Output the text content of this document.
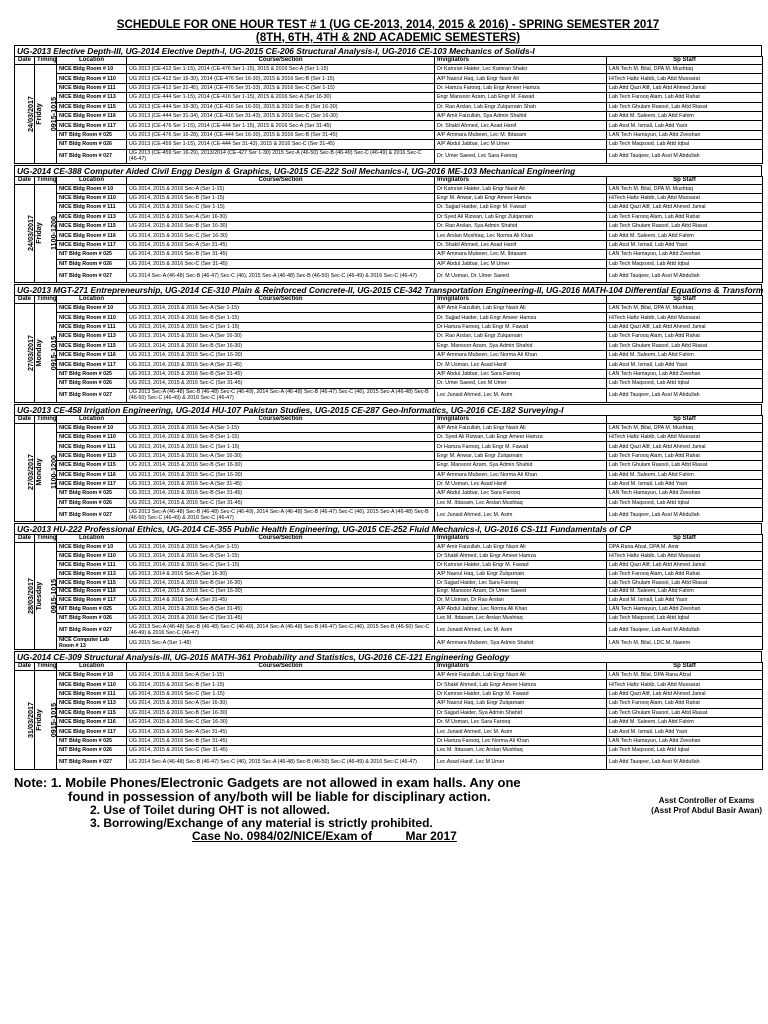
SCHEDULE FOR ONE HOUR TEST # 1 (UG CE-2013, 2014, 2015 & 2016) - SPRING SEMESTER 2017
(8TH, 6TH, 4TH & 2ND ACADEMIC SEMESTERS)
UG-2013 Elective Depth-III, UG-2014 Elective Depth-I, UG-2015 CE-206 Structural Analysis-I, UG-2016 CE-103 Mechanics of Solids-I
Date	Timing	Location	Course/Section	Invigilators	Sp Staff

24/03/2017 Friday	0915-1015	NICE Bldg Room # 10	UG 2013 (CE-412 Ser 1-15), 2014 (CE-476 Ser 1-15), 2015 & 2016 Sec-A (Ser 1-15)	Dr Kamran Haider, Lec Kamran Shakir	LAN Tech M. Bilal, DPA M. Mushtaq
		NICE Bldg Room # 110	UG 2013 (CE-412 Ser 16-30), 2014 (CE-476 Ser 16-30), 2015 & 2016 Sec-B (Ser 1-15)	A/P Nasrul Haq, Lab Engr Nasir Ali	H/Tech Hafiz Habib, Lab Attd Mussarat
		NICE Bldg Room # 111	UG 2013 (CE-412 Ser 31-45), 2014 (CE-476 Ser 31-33), 2015 & 2016 Sec-C (Ser 1-15)	Dr. Hamza Farooq, Lab Engr Ameer Hamza	Lab Attd Qazi Altf, Lab Attd Ahmed Jamal
		NICE Bldg Room # 113	UG 2013 (CE-444 Ser 1-15), 2014 (CE-416 Ser 1-15), 2015 & 2016 Sec-A (Ser 16-30)	Engr Mansoor Azam, Lab Engr M. Fawad	Lab Tech Farooq Alam, Lab Attd Rahat
		NICE Bldg Room # 115	UG 2013 (CE-444 Ser 16-30), 2014 (CE-416 Ser 16-30), 2015 & 2016 Sec-B (Ser 16-30)	Dr. Rao Arslan, Lab Engr Zulqarnain Shah	Lab Tech Ghulam Rasool, Lab Attd Riasat
		NICE Bldg Room # 116	UG 2013 (CE-444 Ser 31-34), 2014 (CE-416 Ser 31-43), 2015 & 2016 Sec-C (Ser 16-30)	A/P Amir Faizullah, Sya Admin Shahid	Lab Attd M. Saleem, Lab Attd Fahim
		NICE Bldg Room # 117	UG 2013 (CE-476 Ser 1-15), 2014 (CE-444 Ser 1-15), 2015 & 2016 Sec-A (Ser 31-45)	Dr. Shakil Ahmed, Lec Asad Hanif	Lab Asst M. Ismail, Lab Attd Yasir
		NIT Bldg Room # 025	UG 2013 (CE-476 Ser 16-28), 2014 (CE-444 Ser 16-30), 2015 & 2016 Sec-B (Ser 31-45)	A/P Ammara Mubeen, Lec M. Ibtasam	LAN Tech Hamayun, Lab Attd Zeeshan
		NIT Bldg Room # 026	UG 2013 (CE-459 Ser 1-15), 2014 (CE-444 Ser 31-43), 2015 & 2016 Sec-C (Ser 31-45)	A/P Abdul Jabbar, Lec M Umer	Lab Tech Maqsood, Lab Attd Iqbal
		NIT Bldg Room # 027	UG 2013 (CE-459 Ser 16-29), 2013/2014 (CE-427 Ser 1-30) 2015 Sec-A (46-50) Sec-B (46-49) Sec-C (46-49) & 2016 Sec-C (46-47)	Dr. Umer Saeed, Lec Sara Farooq	Lab Attd Tauqeer, Lab Asst M Abdullah
UG-2014 CE-388 Computer Aided Civil Engg Design & Graphics, UG-2015 CE-222 Soil Mechanics-I, UG-2016 ME-103 Mechanical Engineering
Date	Timing	Location	Course/Section	Invigilators	Sp Staff

24/03/2017 Friday	1100-1200	NICE Bldg Room # 10	UG 2014, 2015 & 2016 Sec-A (Ser 1-15)	Dr Kamran Haider, Lab Engr Nasir Ali	LAN Tech M. Bilal, DPA M. Mushtaq
		NICE Bldg Room # 110	UG 2014, 2015 & 2016 Sec-B (Ser 1-15)	Engr M. Anwar, Lab Engr Ameer Hamza	H/Tech Hafiz Habib, Lab Attd Mussarat
		NICE Bldg Room # 111	UG 2014, 2015 & 2016 Sec-C (Ser 1-15)	Dr. Sajjad Haider, Lab Engr M. Fawad	Lab Attd Qazi Altf, Lab Attd Ahmed Jamal
		NICE Bldg Room # 113	UG 2014, 2015 & 2016 Sec-A (Ser 16-30)	Dr Syed Ali Rizwan, Lab Engr Zulqarnain	Lab Tech Farooq Alam, Lab Attd Rahat
		NICE Bldg Room # 115	UG 2014, 2015 & 2016 Sec-B (Ser 16-30)	Dr. Rao Arslan, Sya Admin Shahid	Lab Tech Ghulam Rasool, Lab Attd Riasat
		NICE Bldg Room # 116	UG 2014, 2015 & 2016 Sec-C (Ser 16-30)	Lec Arslan Mushtaq, Lec Norma Ali Khan	Lab Attd M. Saleem, Lab Attd Fahim
		NICE Bldg Room # 117	UG 2014, 2015 & 2016 Sec-A (Ser 31-45)	Dr. Shakil Ahmed, Lec Asad Hanif	Lab Asst M. Ismail, Lab Attd Yasir
		NIT Bldg Room # 025	UG 2014, 2015 & 2016 Sec-B (Ser 31-45)	A/P Ammara Mubeen, Lec M. Ibtasam	LAN Tech Hamayun, Lab Attd Zeeshan
		NIT Bldg Room # 026	UG 2014, 2015 & 2016 Sec-C (Ser 31-45)	A/P Abdul Jabbar, Lec M Umer	Lab Tech Maqsood, Lab Attd Iqbal
		NIT Bldg Room # 027	UG 2014 Sec-A (46-48) Sec-B (46-47) Sec-C (46), 2015 Sec-A (46-48) Sec-B (46-50) Sec-C (46-49) & 2016 Sec-C (46-47)	Dr. M Usman, Dr. Umer Saeed	Lab Attd Tauqeer, Lab Asst M Abdullah
UG-2013 MGT-271 Entrepreneurship, UG-2014 CE-310 Plain & Reinforced Concrete-II, UG-2015 CE-342 Transportation Engineering-II, UG-2016 MATH-104 Differential Equations & Transform
Date	Timing	Location	Course/Section	Invigilators	Sp Staff

27/03/2017 Monday	0915-1015	NICE Bldg Room # 10	UG 2013, 2014, 2015 & 2016 Sec-A (Ser 1-15)	A/P Amir Faizullah, Lab Engr Nasir Ali	LAN Tech M. Bilal, DPA M. Mushtaq
		NICE Bldg Room # 110	UG 2013, 2014, 2015 & 2016 Sec-B (Ser 1-15)	Dr. Sajjad Haider, Lab Engr Ameer Hamza	H/Tech Hafiz Habib, Lab Attd Mussarat
		NICE Bldg Room # 111	UG 2013, 2014, 2015 & 2016 Sec-C (Ser 1-15)	Dr Hamza Farooq, Lab Engr M. Fawad	Lab Attd Qazi Altf, Lab Attd Ahmed Jamal
		NICE Bldg Room # 113	UG 2013, 2014, 2015 & 2016 Sec-A (Ser 16-30)	Dr. Rao Arslan, Lab Engr Zulqarnain	Lab Tech Farooq Alam, Lab Attd Rahat
		NICE Bldg Room # 115	UG 2013, 2014, 2015 & 2016 Sec-B (Ser 16-30)	Engr. Mansoor Azam, Sya Admin Shahid	Lab Tech Ghulam Rasool, Lab Attd Riasat
		NICE Bldg Room # 116	UG 2013, 2014, 2015 & 2016 Sec-C (Ser 16-30)	A/P Ammara Mubeen, Lec Norma Ali Khan	Lab Attd M. Saleem, Lab Attd Fahim
		NICE Bldg Room # 117	UG 2013, 2014, 2015 & 2016 Sec-A (Ser 31-45)	Dr. M Usman, Lec Asad Hanif	Lab Asst M. Ismail, Lab Attd Yasir
		NIT Bldg Room # 025	UG 2013, 2014, 2015 & 2016 Sec-B (Ser 31-45)	A/P Abdul Jabbar, Lec Sara Farooq	LAN Tech Hamayun, Lab Attd Zeeshan
		NIT Bldg Room # 026	UG 2013, 2014, 2015 & 2016 Sec-C (Ser 31-45)	Dr. Umer Saeed, Lec M Umer	Lab Tech Maqsood, Lab Attd Iqbal
		NIT Bldg Room # 027	UG 2013 Sec-A (46-48) Sec-B (46-48) Sec-C (46-49), 2014 Sec-A (46-48) Sec-B (46-47) Sec-C (46), 2015 Sec-A (46-48) Sec-B (46-50) Sec-C (46-49) & 2016 Sec-C (46-47)	Lec Junaid Ahmed, Lec M. Asim	Lab Attd Tauqeer, Lab Asst M Abdullah
UG-2013 CE-458 Irrigation Engineering, UG-2014 HU-107 Pakistan Studies, UG-2015 CE-287 Geo-Informatics, UG-2016 CE-182 Surveying-I
Date	Timing	Location	Course/Section	Invigilators	Sp Staff

27/03/2017 Monday	1100-1200	NICE Bldg Room # 10	UG 2013, 2014, 2015 & 2016 Sec-A (Ser 1-15)	A/P Amir Faizullah, Lab Engr Nasir Ali	LAN Tech M. Bilal, DPA M. Mushtaq
		NICE Bldg Room # 110	UG 2013, 2014, 2015 & 2016 Sec-B (Ser 1-15)	Dr. Syed Ali Rizwan, Lab Engr Ameer Hamza	H/Tech Hafiz Habib, Lab Attd Mussarat
		NICE Bldg Room # 111	UG 2013, 2014, 2015 & 2016 Sec-C (Ser 1-15)	Dr Hamza Farooq, Lab Engr M. Fawad	Lab Attd Qazi Altf, Lab Attd Ahmed Jamal
		NICE Bldg Room # 113	UG 2013, 2014, 2015 & 2016 Sec-A (Ser 16-30)	Engr M. Anwar, Lab Engr Zulqarnain	Lab Tech Farooq Alam, Lab Attd Rahat
		NICE Bldg Room # 115	UG 2013, 2014, 2015 & 2016 Sec-B (Ser 16-30)	Engr. Mansoor Azam, Sya Admin Shahid	Lab Tech Ghulam Rasool, Lab Attd Riasat
		NICE Bldg Room # 116	UG 2013, 2014, 2015 & 2016 Sec-C (Ser 16-30)	A/P Ammara Mubeen, Lec Norma Ali Khan	Lab Attd M. Saleem, Lab Attd Fahim
		NICE Bldg Room # 117	UG 2013, 2014, 2015 & 2016 Sec-A (Ser 31-45)	Dr. M Usman, Lec Asad Hanif	Lab Asst M. Ismail, Lab Attd Yasir
		NIT Bldg Room # 025	UG 2013, 2014, 2015 & 2016 Sec-B (Ser 31-45)	A/P Abdul Jabbar, Lec Sara Farooq	LAN Tech Hamayun, Lab Attd Zeeshan
		NIT Bldg Room # 026	UG 2013, 2014, 2015 & 2016 Sec-C (Ser 31-45)	Lec M. Ibtasam, Lec Arslan Mushtaq	Lab Tech Maqsood, Lab Attd Iqbal
		NIT Bldg Room # 027	UG 2013 Sec-A (46-48) Sec-B (46-48) Sec-C (46-49), 2014 Sec-A (46-48) Sec-B (46-47) Sec-C (46), 2015 Sec-A (46-48) Sec-B (46-50) Sec-C (46-49) & 2016 Sec-C (46-47)	Lec Junaid Ahmed, Lec M. Asim	Lab Attd Tauqeer, Lab Asst M Abdullah
UG-2013 HU-222 Professional Ethics, UG-2014 CE-355 Public Health Engineering, UG-2015 CE-252 Fluid Mechanics-I, UG-2016 CS-111 Fundamentals of CP
Date	Timing	Location	Course/Section	Invigilators	Sp Staff

28/03/2017 Tuesday	0915-1015	NICE Bldg Room # 10	UG 2013, 2014, 2015 & 2016 Sec-A (Ser 1-15)	A/P Amir Faizullah, Lab Engr Nasir Ali	DPA Rana Afzal, DPA M. Amir
		NICE Bldg Room # 110	UG 2013, 2014, 2015 & 2016 Sec-B (Ser 1-15)	Dr Shakil Ahmed, Lab Engr Ameer Hamza	H/Tech Hafiz Habib, Lab Attd Mussarat
		NICE Bldg Room # 111	UG 2013, 2014, 2015 & 2016 Sec-C (Ser 1-15)	Dr Kamran Haider, Lab Engr M. Fawad	Lab Attd Qazi Altf, Lab Attd Ahmed Jamal
		NICE Bldg Room # 113	UG 2013, 2014 & 2016 Sec-A (Ser 16-30)	A/P Nasrul Haq, Lab Engr Zulqarnain	Lab Tech Farooq Alam, Lab Attd Rahat
		NICE Bldg Room # 115	UG 2013, 2014, 2015 & 2016 Sec-B (Ser 16-30)	Dr Sajjad Haider, Lec Sara Farooq	Lab Tech Ghulam Rasool, Lab Attd Riasat
		NICE Bldg Room # 116	UG 2013, 2014, 2015 & 2016 Sec-C (Ser 16-30)	Engr. Mansoor Azam, Dr Umer Saeed	Lab Attd M. Saleem, Lab Attd Fahim
		NICE Bldg Room # 117	UG 2013, 2014 & 2016 Sec-A (Ser 31-45)	Dr. M Usman, Dr Rao Arslan	Lab Asst M. Ismail, Lab Attd Yasir
		NIT Bldg Room # 025	UG 2013, 2014, 2015 & 2016 Sec-B (Ser 31-45)	A/P Abdul Jabbar, Lec Norma Ali Khan	LAN Tech Hamayun, Lab Attd Zeeshan
		NIT Bldg Room # 026	UG 2013, 2014, 2015 & 2016 Sec-C (Ser 31-45)	Lec M. Ibtasam, Lec Arslan Mushtaq	Lab Tech Maqsood, Lab Attd Iqbal
		NIT Bldg Room # 027	UG 2013 Sec-A (46-48) Sec-B (46-48) Sec-C (46-49), 2014 Sec-A (46-48) Sec-B (46-47) Sec-C (46), 2015 Sec-B (46-50) Sec-C (46-49) & 2016 Sec-C (46-47)	Lec Junaid Ahmed, Lec M. Asim	Lab Attd Tauqeer, Lab Asst M Abdullah
		NICE Computer Lab Room # 13	UG 2015 Sec-A (Ser 1-48)	A/P Ammara Mubeen, Sya Admin Shahid	LAN Tech M. Bilal, LDC M. Naeem
UG-2014 CE-309 Structural Analysis-III, UG-2015 MATH-361 Probability and Statistics, UG-2016 CE-121 Engineering Geology
Date	Timing	Location	Course/Section	Invigilators	Sp Staff

31/03/2017 Friday	0915-1015	NICE Bldg Room # 10	UG 2014, 2015 & 2016 Sec-A (Ser 1-15)	A/P Amir Faizullah, Lab Engr Nasir Ali	LAN Tech M. Bilal, DPA Rana Afzal
		NICE Bldg Room # 110	UG 2014, 2015 & 2016 Sec-B (Ser 1-15)	Dr Shakil Ahmed, Lab Engr Ameer Hamza	H/Tech Hafiz Habib, Lab Attd Mussarat
		NICE Bldg Room # 111	UG 2014, 2015 & 2016 Sec-C (Ser 1-15)	Dr Kamran Haider, Lab Engr M. Fawad	Lab Attd Qazi Altf, Lab Attd Ahmed Jamal
		NICE Bldg Room # 113	UG 2014, 2015 & 2016 Sec-A (Ser 16-30)	A/P Nasrul Haq, Lab Engr Zulqarnain	Lab Tech Farooq Alam, Lab Attd Rahat
		NICE Bldg Room # 115	UG 2014, 2015 & 2016 Sec-B (Ser 16-30)	Dr Sajjad Haider, Sya Admin Shahid	Lab Tech Ghulam Rasool, Lab Attd Riasat
		NICE Bldg Room # 116	UG 2014, 2015 & 2016 Sec-C (Ser 16-30)	Dr. M Usman, Lec Sara Farooq	Lab Attd M. Saleem, Lab Attd Fahim
		NICE Bldg Room # 117	UG 2014, 2015 & 2016 Sec-A (Ser 31-45)	Lec Junaid Ahmed, Lec M. Asim	Lab Asst M. Ismail, Lab Attd Yasir
		NIT Bldg Room # 025	UG 2014, 2015 & 2016 Sec-B (Ser 31-45)	Dr Hamza Farooq, Lec Norma Ali Khan	LAN Tech Hamayun, Lab Attd Zeeshan
		NIT Bldg Room # 026	UG 2014, 2015 & 2016 Sec-C (Ser 31-45)	Lec M. Ibtasam, Lec Arslan Mushtaq	Lab Tech Maqsood, Lab Attd Iqbal
		NIT Bldg Room # 027	UG 2014 Sec-A (46-48) Sec-B (46-47) Sec-C (46), 2015 Sec-A (46-48) Sec-B (46-50) Sec-C (46-49) & 2016 Sec-C (46-47)	Lec Asad Hanif, Lec M Umer	Lab Attd Tauqeer, Lab Asst M Abdullah
Note: 1. Mobile Phones/Electronic Gadgets are not allowed in exam halls. Any one
found in possession of any/both will be liable for disciplinary action.
2. Use of Toilet during OHT is not allowed.
3. Borrowing/Exchange of any material is strictly prohibited.
Case No. 0984/02/NICE/Exam of_____Mar 2017
Asst Controller of Exams
(Asst Prof Abdul Basir Awan)
